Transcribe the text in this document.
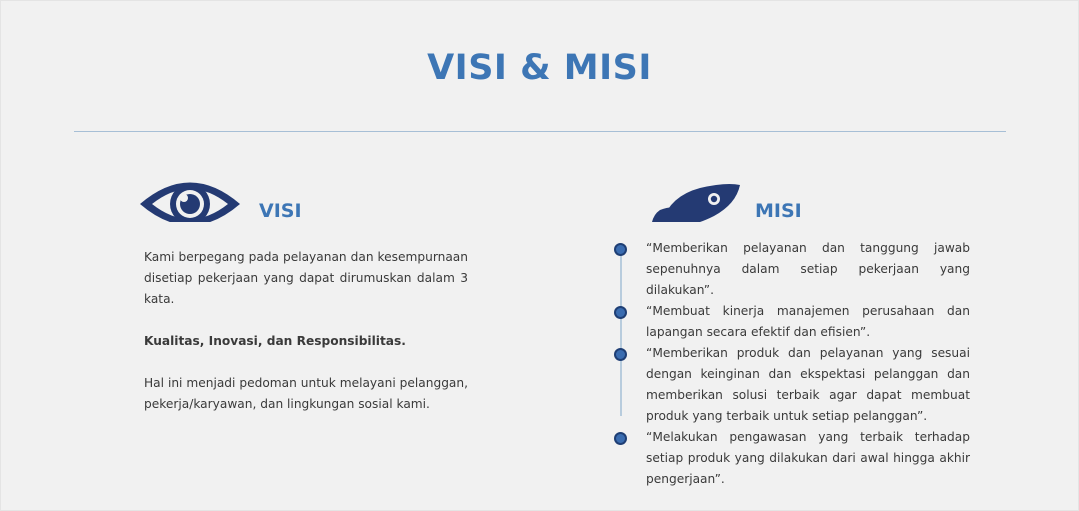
VISI & MISI
VISI

Kami berpegang pada pelayanan dan kesempurnaan disetiap pekerjaan yang dapat dirumuskan dalam 3 kata.

Kualitas, Inovasi, dan Responsibilitas.

Hal ini menjadi pedoman untuk melayani pelanggan, pekerja/karyawan, dan lingkungan sosial kami.

MISI
“Memberikan pelayanan dan tanggung jawab sepenuhnya dalam setiap pekerjaan yang dilakukan”.
“Membuat kinerja manajemen perusahaan dan lapangan secara efektif dan efisien”.
“Memberikan produk dan pelayanan yang sesuai dengan keinginan dan ekspektasi pelanggan dan memberikan solusi terbaik agar dapat membuat produk yang terbaik untuk setiap pelanggan”.
“Melakukan pengawasan yang terbaik terhadap setiap produk yang dilakukan dari awal hingga akhir pengerjaan”.
